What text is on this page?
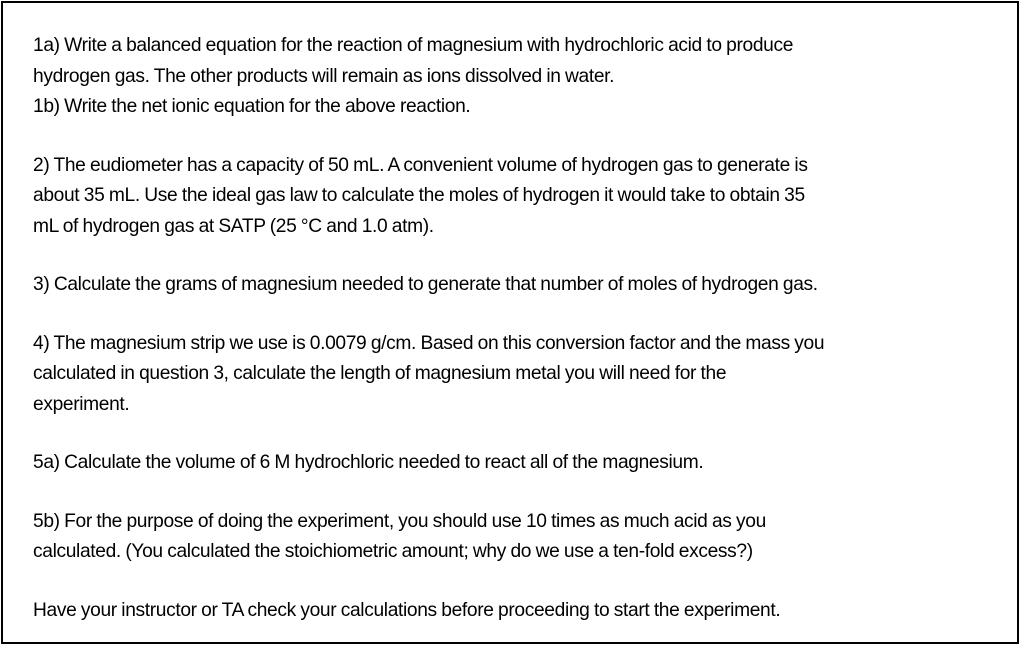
1a) Write a balanced equation for the reaction of magnesium with hydrochloric acid to produce
hydrogen gas. The other products will remain as ions dissolved in water.
1b) Write the net ionic equation for the above reaction.

2) The eudiometer has a capacity of 50 mL. A convenient volume of hydrogen gas to generate is
about 35 mL. Use the ideal gas law to calculate the moles of hydrogen it would take to obtain 35
mL of hydrogen gas at SATP (25 °C and 1.0 atm).

3) Calculate the grams of magnesium needed to generate that number of moles of hydrogen gas.

4) The magnesium strip we use is 0.0079 g/cm. Based on this conversion factor and the mass you
calculated in question 3, calculate the length of magnesium metal you will need for the
experiment.

5a) Calculate the volume of 6 M hydrochloric needed to react all of the magnesium.

5b) For the purpose of doing the experiment, you should use 10 times as much acid as you
calculated. (You calculated the stoichiometric amount; why do we use a ten-fold excess?)

Have your instructor or TA check your calculations before proceeding to start the experiment.
